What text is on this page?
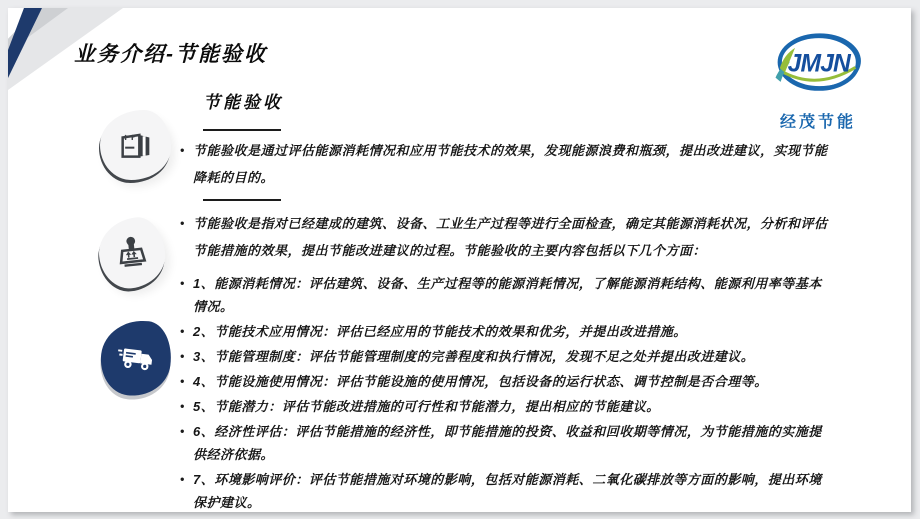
业务介绍-节能验收	JMJN
经茂节能
节能验收
• 节能验收是通过评估能源消耗情况和应用节能技术的效果，发现能源浪费和瓶颈，提出改进建议，实现节能降耗的目的。
• 节能验收是指对已经建成的建筑、设备、工业生产过程等进行全面检查，确定其能源消耗状况，分析和评估节能措施的效果，提出节能改进建议的过程。节能验收的主要内容包括以下几个方面：
• 1、能源消耗情况：评估建筑、设备、生产过程等的能源消耗情况，了解能源消耗结构、能源利用率等基本情况。
• 2、节能技术应用情况：评估已经应用的节能技术的效果和优劣，并提出改进措施。
• 3、节能管理制度：评估节能管理制度的完善程度和执行情况，发现不足之处并提出改进建议。
• 4、节能设施使用情况：评估节能设施的使用情况，包括设备的运行状态、调节控制是否合理等。
• 5、节能潜力：评估节能改进措施的可行性和节能潜力，提出相应的节能建议。
• 6、经济性评估：评估节能措施的经济性，即节能措施的投资、收益和回收期等情况，为节能措施的实施提供经济依据。
• 7、环境影响评价：评估节能措施对环境的影响，包括对能源消耗、二氧化碳排放等方面的影响，提出环境保护建议。
